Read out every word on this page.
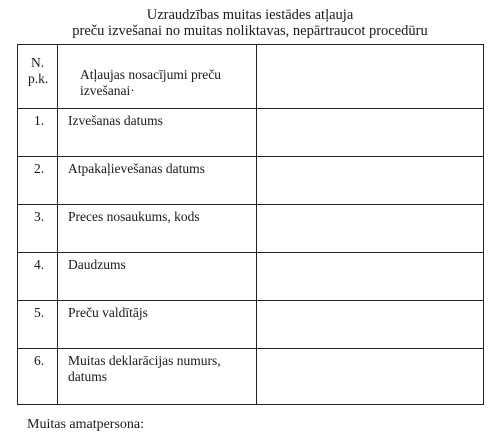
Uzraudzības muitas iestādes atļauja
preču izvešanai no muitas noliktavas, nepārtraucot procedūru
N.
p.k.	Atļaujas nosacījumi preču izvešanai·	
1.	Izvešanas datums	
2.	Atpakaļievešanas datums	
3.	Preces nosaukums, kods	
4.	Daudzums	
5.	Preču valdītājs	
6.	Muitas deklarācijas numurs, datums	
Muitas amatpersona:
